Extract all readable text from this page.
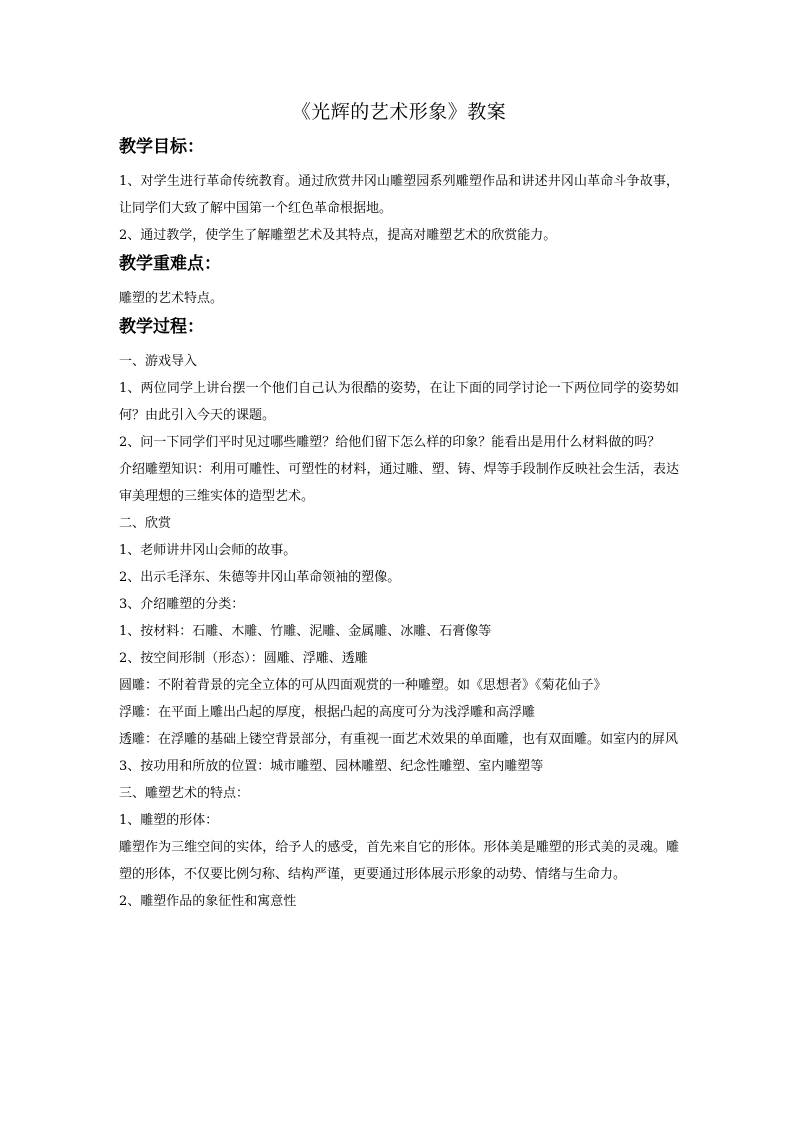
《光辉的艺术形象》教案
教学目标：

1、对学生进行革命传统教育。通过欣赏井冈山雕塑园系列雕塑作品和讲述井冈山革命斗争故事，让同学们大致了解中国第一个红色革命根据地。

2、通过教学，使学生了解雕塑艺术及其特点，提高对雕塑艺术的欣赏能力。

教学重难点：

雕塑的艺术特点。

教学过程：

一、游戏导入

1、两位同学上讲台摆一个他们自己认为很酷的姿势，在让下面的同学讨论一下两位同学的姿势如何？由此引入今天的课题。

2、问一下同学们平时见过哪些雕塑？给他们留下怎么样的印象？能看出是用什么材料做的吗？

介绍雕塑知识：利用可雕性、可塑性的材料，通过雕、塑、铸、焊等手段制作反映社会生活，表达审美理想的三维实体的造型艺术。

二、欣赏

1、老师讲井冈山会师的故事。

2、出示毛泽东、朱德等井冈山革命领袖的塑像。

3、介绍雕塑的分类：

1、按材料：石雕、木雕、竹雕、泥雕、金属雕、冰雕、石膏像等

2、按空间形制（形态）：圆雕、浮雕、透雕

圆雕：不附着背景的完全立体的可从四面观赏的一种雕塑。如《思想者》《菊花仙子》

浮雕：在平面上雕出凸起的厚度，根据凸起的高度可分为浅浮雕和高浮雕

透雕：在浮雕的基础上镂空背景部分，有重视一面艺术效果的单面雕，也有双面雕。如室内的屏风

3、按功用和所放的位置：城市雕塑、园林雕塑、纪念性雕塑、室内雕塑等

三、雕塑艺术的特点：

1、雕塑的形体：

雕塑作为三维空间的实体，给予人的感受，首先来自它的形体。形体美是雕塑的形式美的灵魂。雕塑的形体，不仅要比例匀称、结构严谨，更要通过形体展示形象的动势、情绪与生命力。

2、雕塑作品的象征性和寓意性
